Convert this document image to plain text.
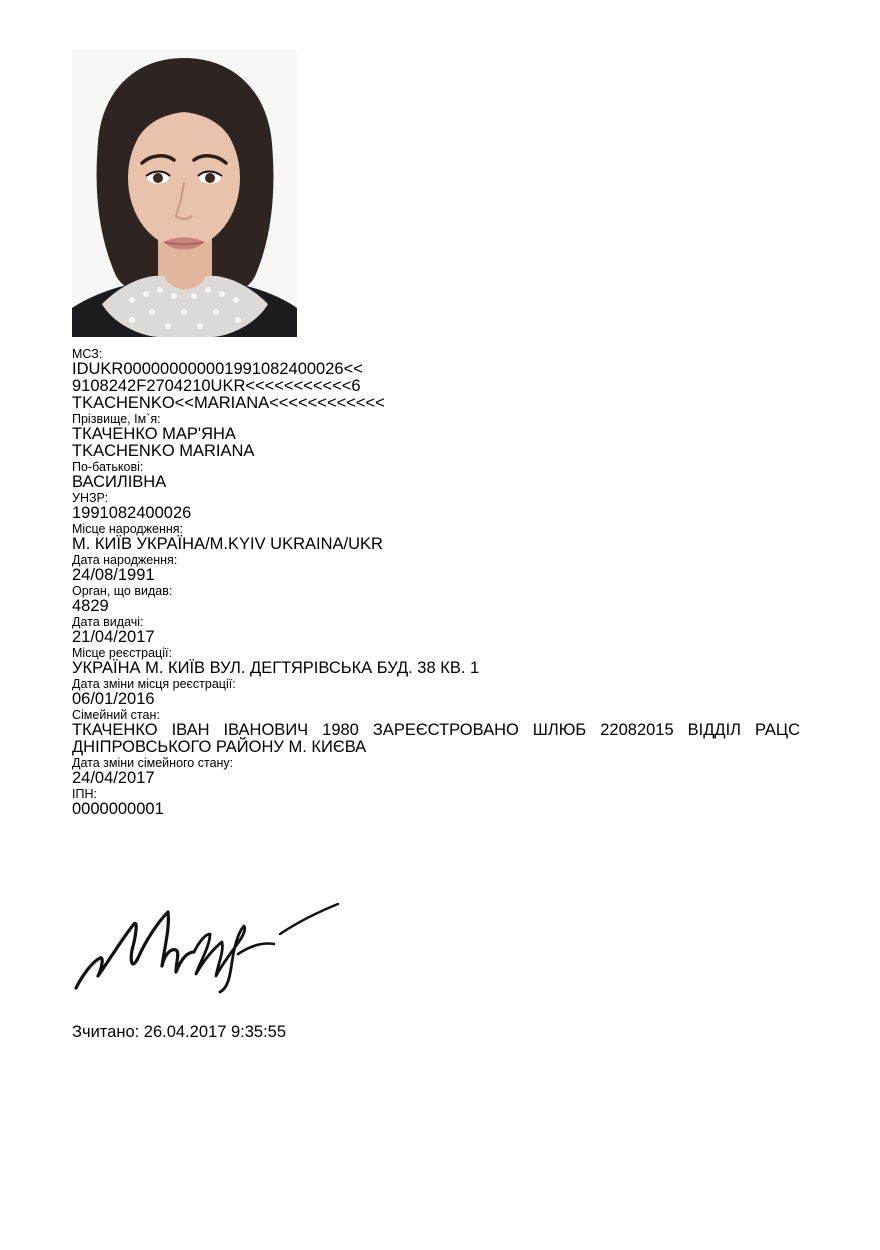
МСЗ:
IDUKR000000000001991082400026<<
9108242F2704210UKR<<<<<<<<<<<6
TKACHENKO<<MARIANA<<<<<<<<<<<<
Прізвище, Ім`я:
ТКАЧЕНКО МАР'ЯНА
TKACHENKO MARIANA
По-батькові:
ВАСИЛІВНА
УНЗР:
1991082400026
Місце народження:
М. КИЇВ УКРАЇНА/M.KYIV UKRAINA/UKR
Дата народження:
24/08/1991
Орган, що видав:
4829
Дата видачі:
21/04/2017
Місце реєстрації:
УКРАЇНА М. КИЇВ ВУЛ. ДЕГТЯРІВСЬКА БУД. 38 КВ. 1
Дата зміни місця реєстрації:
06/01/2016
Сімейний стан:
ТКАЧЕНКО ІВАН ІВАНОВИЧ 1980 ЗАРЕЄСТРОВАНО ШЛЮБ 22082015 ВІДДІЛ РАЦС ДНІПРОВСЬКОГО РАЙОНУ М. КИЄВА
Дата зміни сімейного стану:
24/04/2017
ІПН:
0000000001
Зчитано: 26.04.2017 9:35:55
